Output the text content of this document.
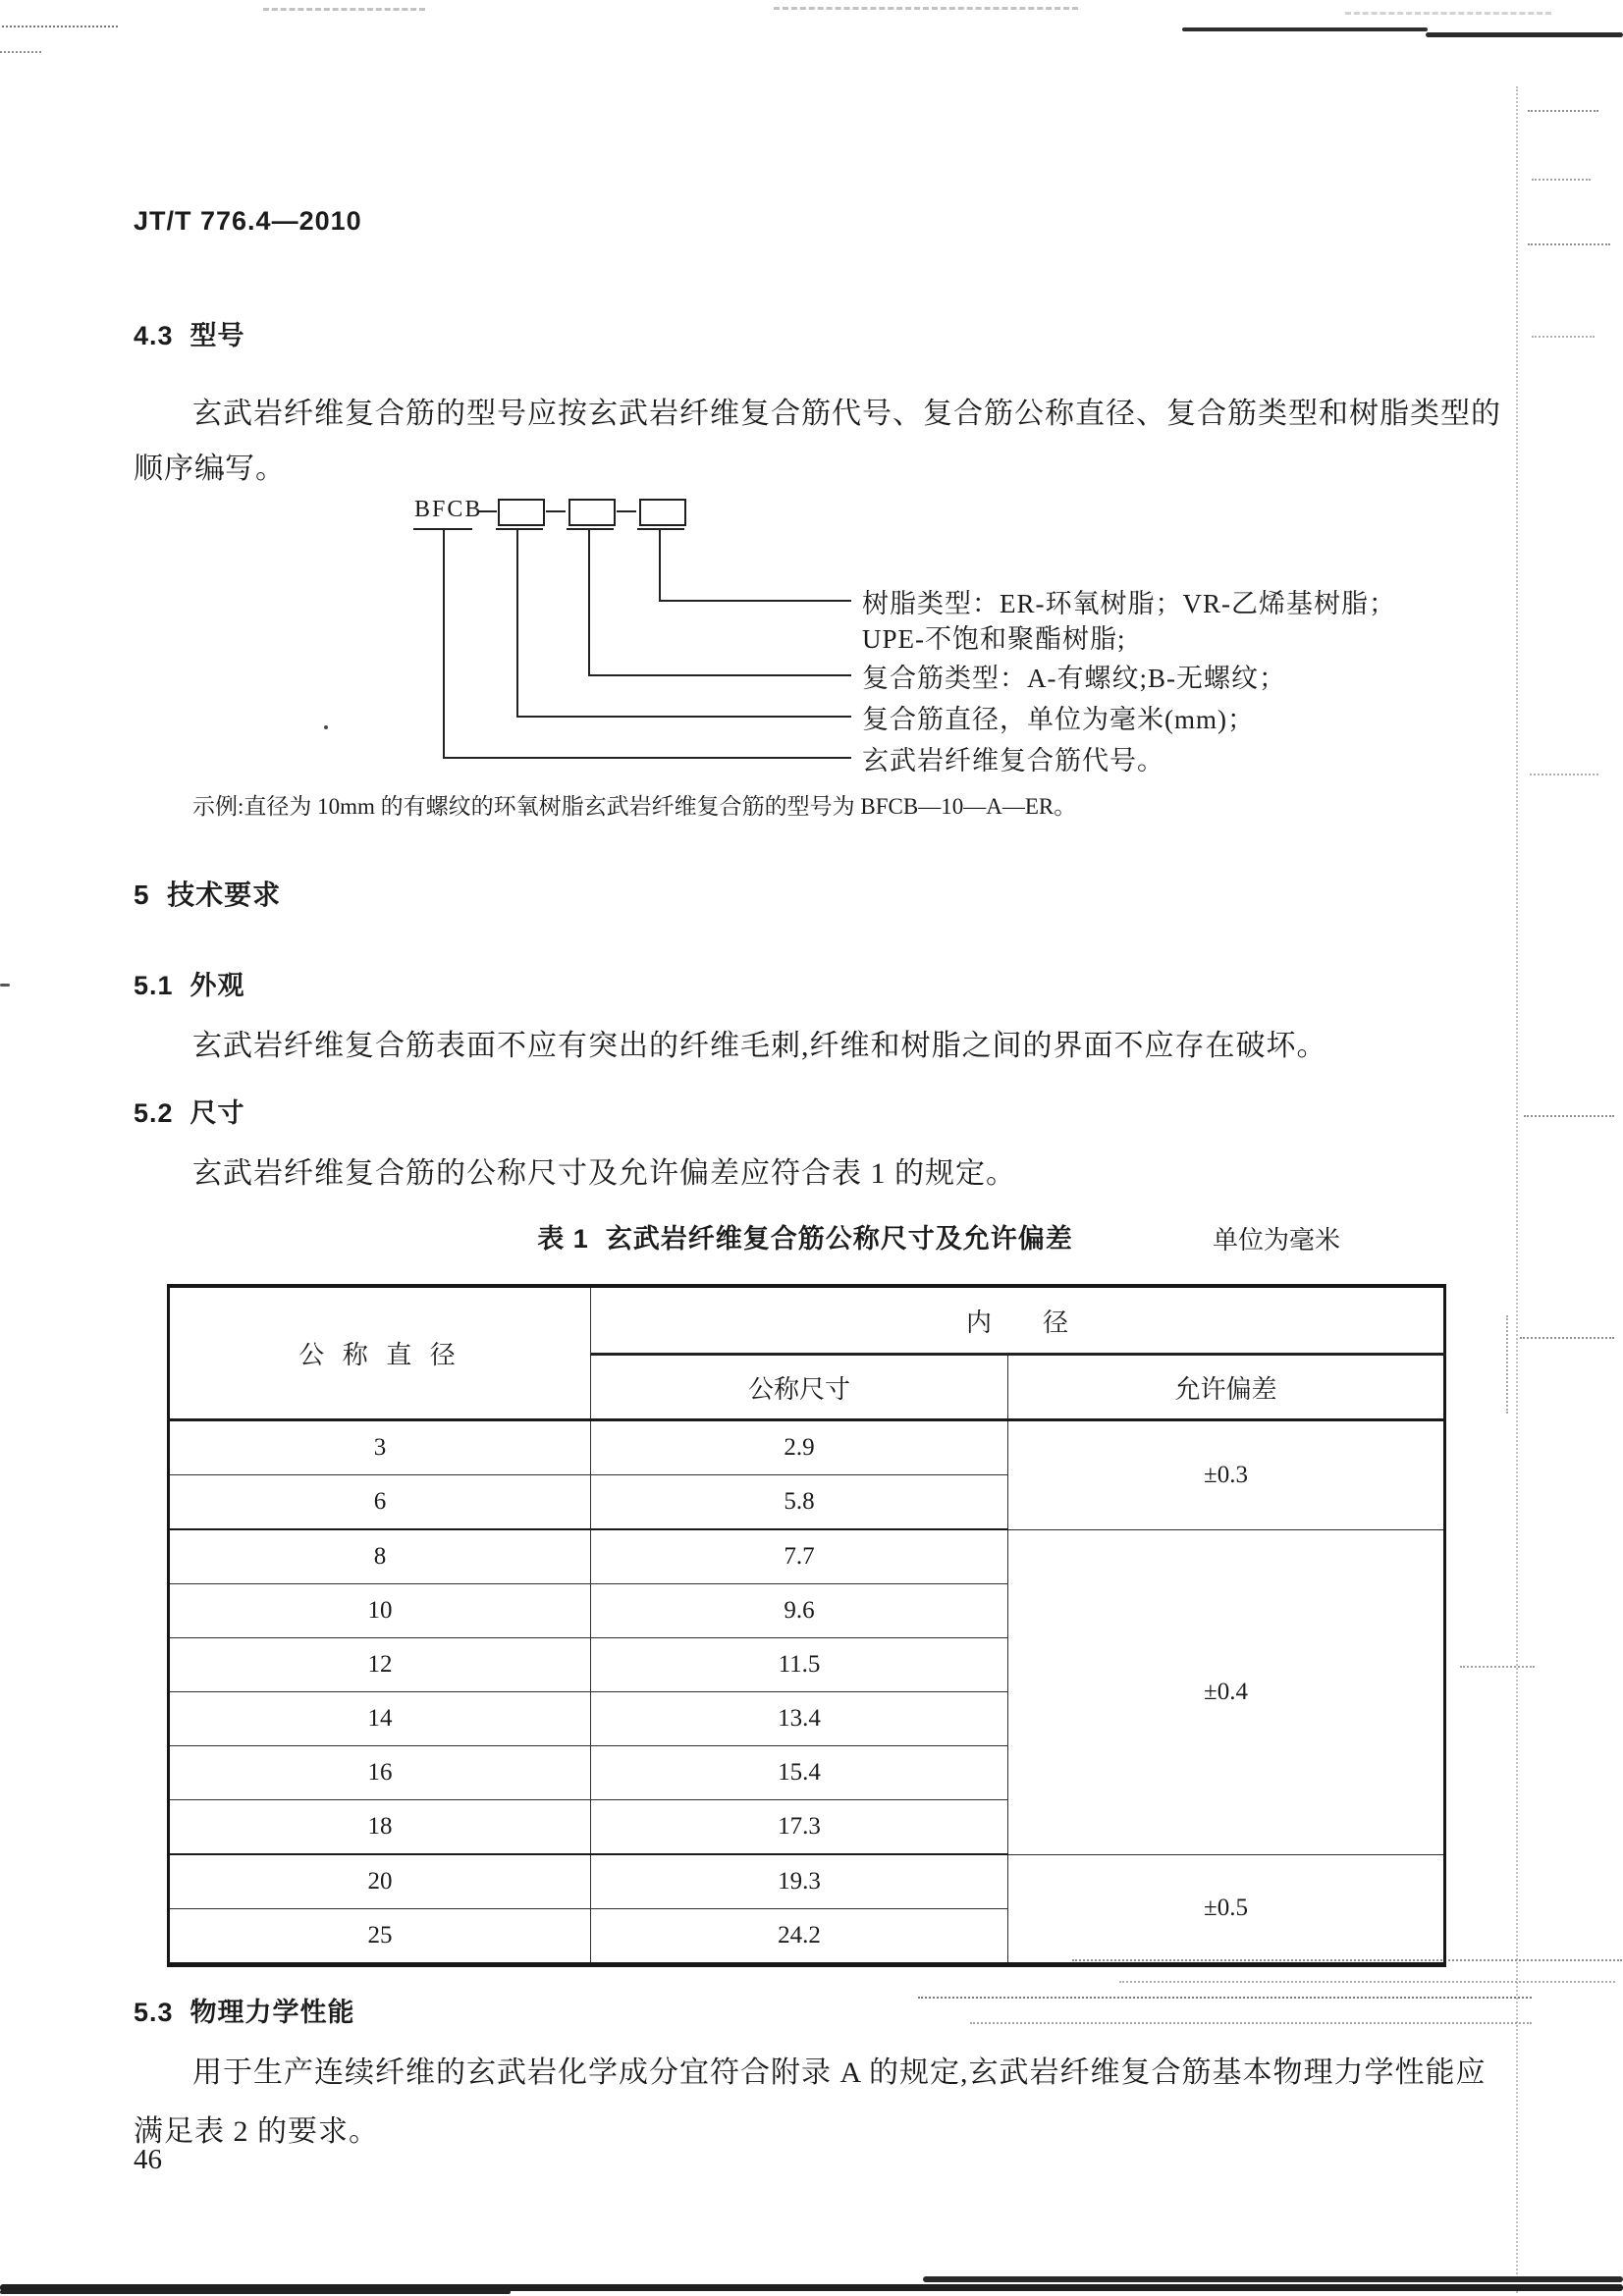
JT/T 776.4—2010
4.3  型号
玄武岩纤维复合筋的型号应按玄武岩纤维复合筋代号、复合筋公称直径、复合筋类型和树脂类型的
顺序编写。
BFCB
树脂类型：ER-环氧树脂；VR-乙烯基树脂；
UPE-不饱和聚酯树脂;
复合筋类型：A-有螺纹;B-无螺纹；
复合筋直径，单位为毫米(mm)；
玄武岩纤维复合筋代号。
示例:直径为 10mm 的有螺纹的环氧树脂玄武岩纤维复合筋的型号为 BFCB—10—A—ER。
5  技术要求
5.1  外观
玄武岩纤维复合筋表面不应有突出的纤维毛刺,纤维和树脂之间的界面不应存在破坏。
5.2  尺寸
玄武岩纤维复合筋的公称尺寸及允许偏差应符合表 1 的规定。
表 1  玄武岩纤维复合筋公称尺寸及允许偏差	单位为毫米
公 称 直 径	内　　径	
	公称尺寸	允许偏差
3	2.9	±0.3
6	5.8	
8	7.7	±0.4
10	9.6	
12	11.5	
14	13.4	
16	15.4	
18	17.3	
20	19.3	±0.5
25	24.2	
5.3  物理力学性能
用于生产连续纤维的玄武岩化学成分宜符合附录 A 的规定,玄武岩纤维复合筋基本物理力学性能应
满足表 2 的要求。
46
